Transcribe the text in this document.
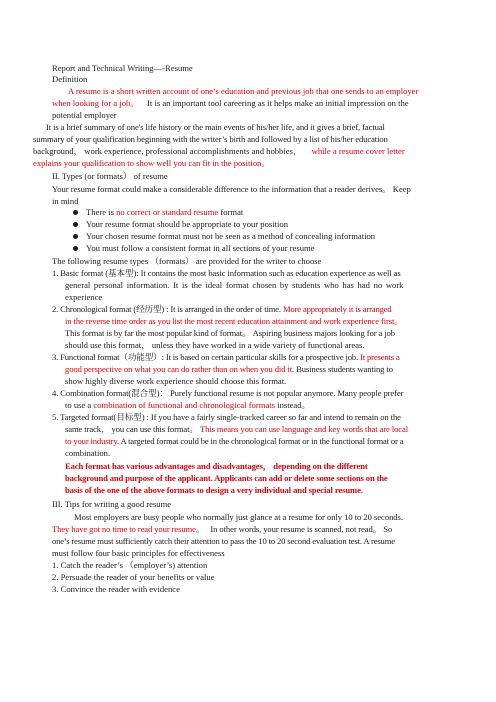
Report and Technical Writing—-Resume
Definition
A resume is a short written account of one’s education and previous job that one sends to an employer
when looking for a job。 It is an important tool careering as it helps make an initial impression on the
potential employer
It is a brief summary of one's life history or the main events of his/her life, and it gives a brief, factual
summary of your qualification beginning with the writer’s birth and followed by a list of his/her education
background， work experience, professional accomplishments and hobbies， while a resume cover letter
explains your qualification to show well you can fit in the position。
II. Types (or formats） of resume
Your resume format could make a considerable difference to the information that a reader derives。 Keep
in mind
There is no correct or standard resume format
Your resume format should be appropriate to your position
Your chosen resume format must not be seen as a method of concealing information
You must follow a consistent format in all sections of your resume
The following resume types （formats） are provided for the writer to choose
1. Basic format (基本型): It contains the most basic information such as education experience as well as
general personal information. It is the ideal format chosen by students who has had no work
experience
2. Chronological format (经历型) : It is arranged in the order of time. More appropriately it is arranged
in the reverse time order as you list the most recent education attainment and work experience first。
This format is by far the most popular kind of format。 Aspiring business majors looking for a job
should use this format， unless they have worked in a wide variety of functional areas.
3. Functional format（功能型）: It is based on certain particular skills for a prospective job. It presents a
good perspective on what you can do rather than on when you did it. Business students wanting to
show highly diverse work experience should choose this format.
4. Combination format(混合型)： Purely functional resume is not popular anymore. Many people prefer
to use a combination of functional and chronological formats instead。
5. Targeted format(目标型) : If you have a fairly single-tracked career so far and intend to remain on the
same track， you can use this format。 This means you can use language and key words that are local
to your industry. A targeted format could be in the chronological format or in the functional format or a
combination.
Each format has various advantages and disadvantages， depending on the different
background and purpose of the applicant. Applicants can add or delete some sections on the
basis of the one of the above formats to design a very individual and special resume.
III. Tips for writing a good resume
Most employers are busy people who normally just glance at a resume for only 10 to 20 seconds.
They have got no time to read your resume。 In other words, your resume is scanned, not read。 So
one’s resume must sufficiently catch their attention to pass the 10 to 20 second evaluation test. A resume
must follow four basic principles for effectiveness
1. Catch the reader’s （employer’s) attention
2. Persuade the reader of your benefits or value
3. Convince the reader with evidence
